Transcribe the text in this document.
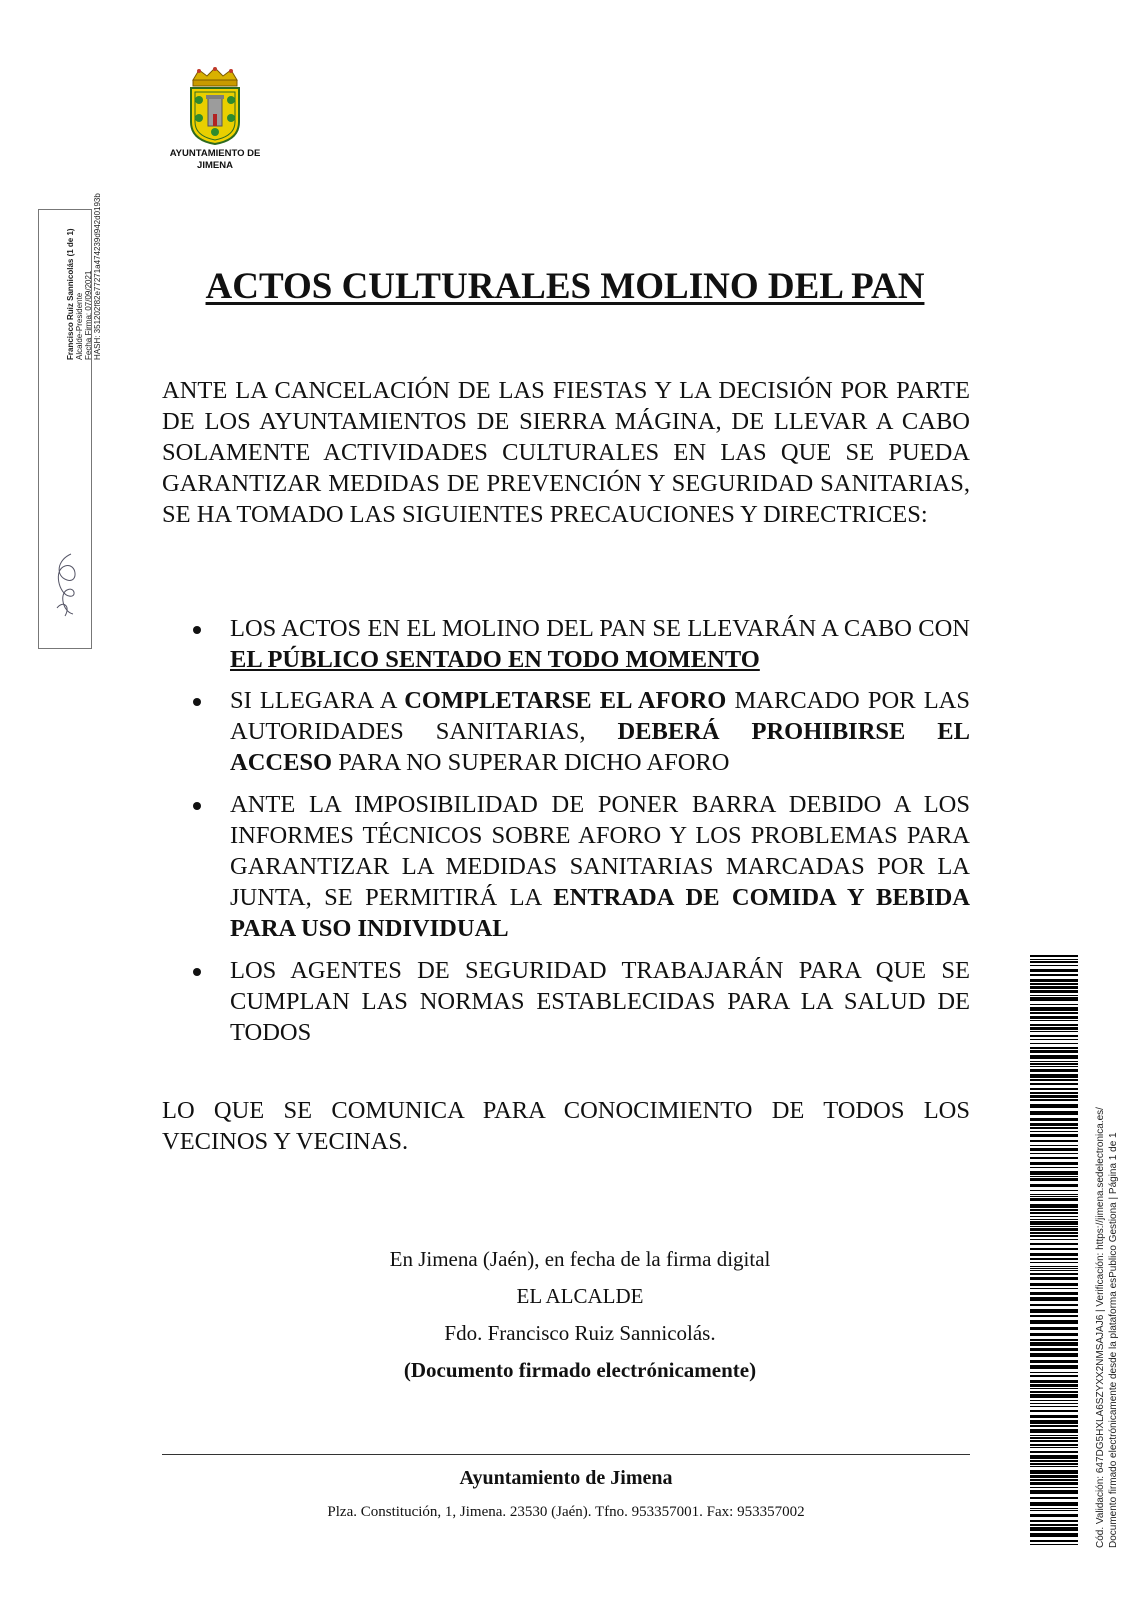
AYUNTAMIENTO DE
JIMENA
Francisco Ruiz Sannicolás (1 de 1) Alcalde-Presidente Fecha Firma: 07/09/2021 HASH: 351202f82e77271a474239d942d0193b	ACTOS CULTURALES MOLINO DEL PAN
ANTE LA CANCELACIÓN DE LAS FIESTAS Y LA DECISIÓN POR PARTE DE LOS AYUNTAMIENTOS DE SIERRA MÁGINA, DE LLEVAR A CABO SOLAMENTE ACTIVIDADES CULTURALES EN LAS QUE SE PUEDA GARANTIZAR MEDIDAS DE PREVENCIÓN Y SEGURIDAD SANITARIAS, SE HA TOMADO LAS SIGUIENTES PRECAUCIONES Y DIRECTRICES:
LOS ACTOS EN EL MOLINO DEL PAN SE LLEVARÁN A CABO CON EL PÚBLICO SENTADO EN TODO MOMENTO
SI LLEGARA A COMPLETARSE EL AFORO MARCADO POR LAS AUTORIDADES SANITARIAS, DEBERÁ PROHIBIRSE EL ACCESO PARA NO SUPERAR DICHO AFORO
ANTE LA IMPOSIBILIDAD DE PONER BARRA DEBIDO A LOS INFORMES TÉCNICOS SOBRE AFORO Y LOS PROBLEMAS PARA GARANTIZAR LA MEDIDAS SANITARIAS MARCADAS POR LA JUNTA, SE PERMITIRÁ LA ENTRADA DE COMIDA Y BEBIDA PARA USO INDIVIDUAL
LOS AGENTES DE SEGURIDAD TRABAJARÁN PARA QUE SE CUMPLAN LAS NORMAS ESTABLECIDAS PARA LA SALUD DE TODOS
LO QUE SE COMUNICA PARA CONOCIMIENTO DE TODOS LOS VECINOS Y VECINAS.
En Jimena (Jaén), en fecha de la firma digital
EL ALCALDE
Fdo. Francisco Ruiz Sannicolás.
(Documento firmado electrónicamente)
Ayuntamiento de Jimena
Plza. Constitución, 1, Jimena. 23530 (Jaén). Tfno. 953357001. Fax: 953357002	Cód. Validación: 647DG5HXLA6SZYXX2NMSAJAJ6 | Verificación: https://jimena.sedelectronica.es/ Documento firmado electrónicamente desde la plataforma esPublico Gestiona | Página 1 de 1
